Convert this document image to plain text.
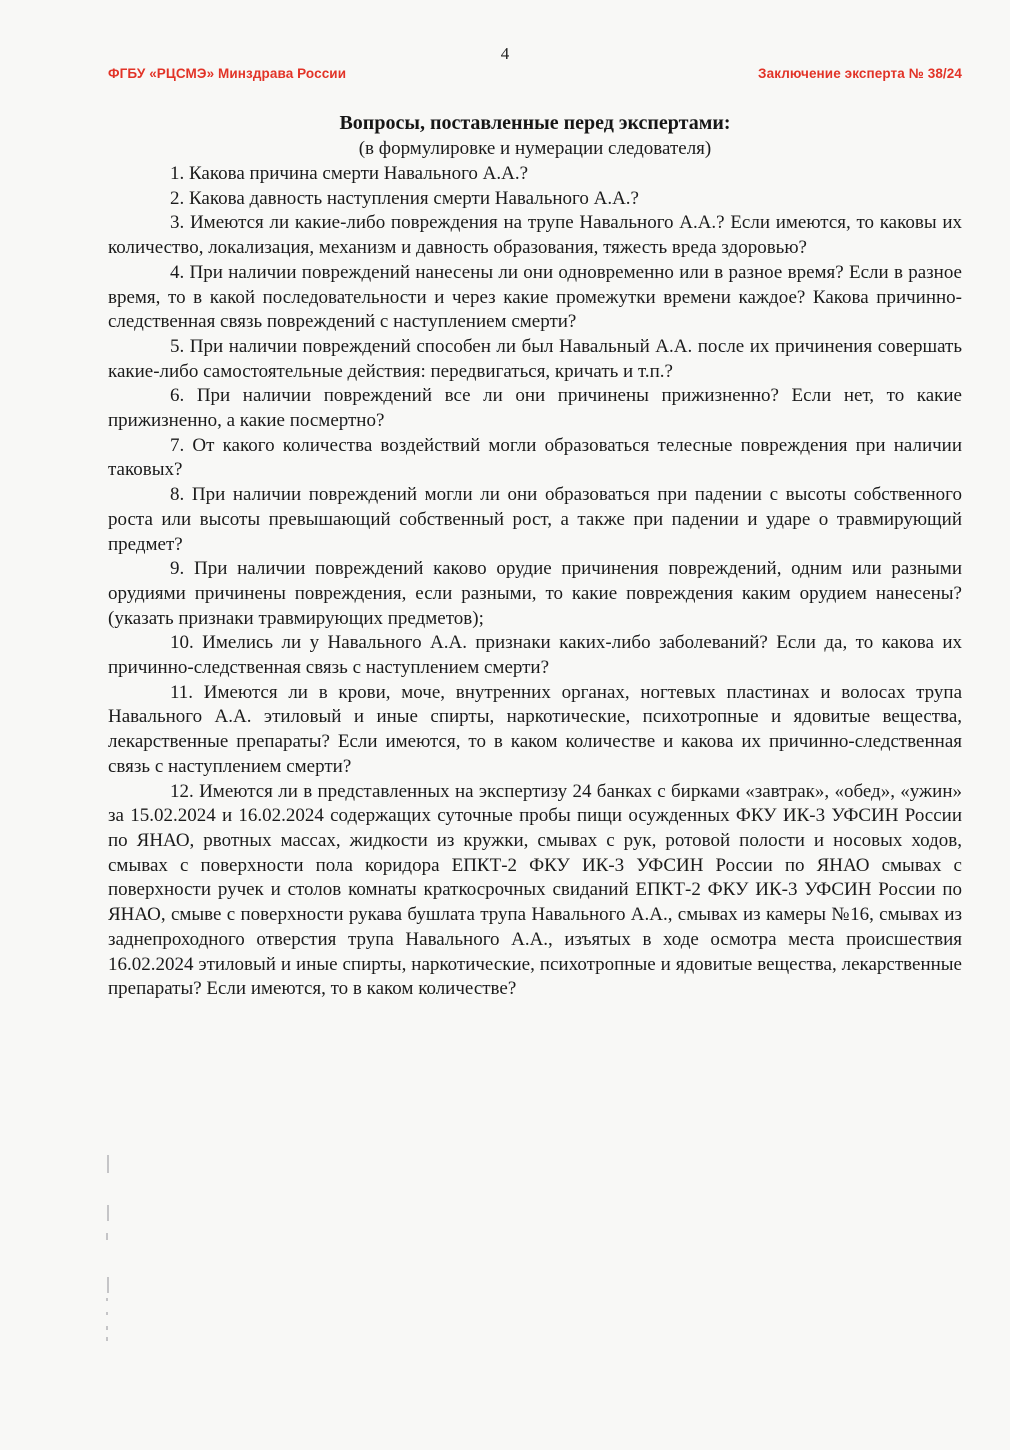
4
ФГБУ «РЦСМЭ» Минздрава России	Заключение эксперта № 38/24
Вопросы, поставленные перед экспертами:
(в формулировке и нумерации следователя)

1. Какова причина смерти Навального А.А.?

2. Какова давность наступления смерти Навального А.А.?

3. Имеются ли какие-либо повреждения на трупе Навального А.А.? Если имеются, то каковы их количество, локализация, механизм и давность образования, тяжесть вреда здоровью?

4. При наличии повреждений нанесены ли они одновременно или в разное время? Если в разное время, то в какой последовательности и через какие промежутки времени каждое? Какова причинно-следственная связь повреждений с наступлением смерти?

5. При наличии повреждений способен ли был Навальный А.А. после их причинения совершать какие-либо самостоятельные действия: передвигаться, кричать и т.п.?

6. При наличии повреждений все ли они причинены прижизненно? Если нет, то какие прижизненно, а какие посмертно?

7. От какого количества воздействий могли образоваться телесные повреждения при наличии таковых?

8. При наличии повреждений могли ли они образоваться при падении с высоты собственного роста или высоты превышающий собственный рост, а также при падении и ударе о травмирующий предмет?

9. При наличии повреждений каково орудие причинения повреждений, одним или разными орудиями причинены повреждения, если разными, то какие повреждения каким орудием нанесены? (указать признаки травмирующих предметов);

10. Имелись ли у Навального А.А. признаки каких-либо заболеваний? Если да, то какова их причинно-следственная связь с наступлением смерти?

11. Имеются ли в крови, моче, внутренних органах, ногтевых пластинах и волосах трупа Навального А.А. этиловый и иные спирты, наркотические, психотропные и ядовитые вещества, лекарственные препараты? Если имеются, то в каком количестве и какова их причинно-следственная связь с наступлением смерти?

12. Имеются ли в представленных на экспертизу 24 банках с бирками «завтрак», «обед», «ужин» за 15.02.2024 и 16.02.2024 содержащих суточные пробы пищи осужденных ФКУ ИК-3 УФСИН России по ЯНАО, рвотных массах, жидкости из кружки, смывах с рук, ротовой полости и носовых ходов, смывах с поверхности пола коридора ЕПКТ-2 ФКУ ИК-3 УФСИН России по ЯНАО смывах с поверхности ручек и столов комнаты краткосрочных свиданий ЕПКТ-2 ФКУ ИК-3 УФСИН России по ЯНАО, смыве с поверхности рукава бушлата трупа Навального А.А., смывах из камеры №16, смывах из заднепроходного отверстия трупа Навального А.А., изъятых в ходе осмотра места происшествия 16.02.2024 этиловый и иные спирты, наркотические, психотропные и ядовитые вещества, лекарственные препараты? Если имеются, то в каком количестве?
